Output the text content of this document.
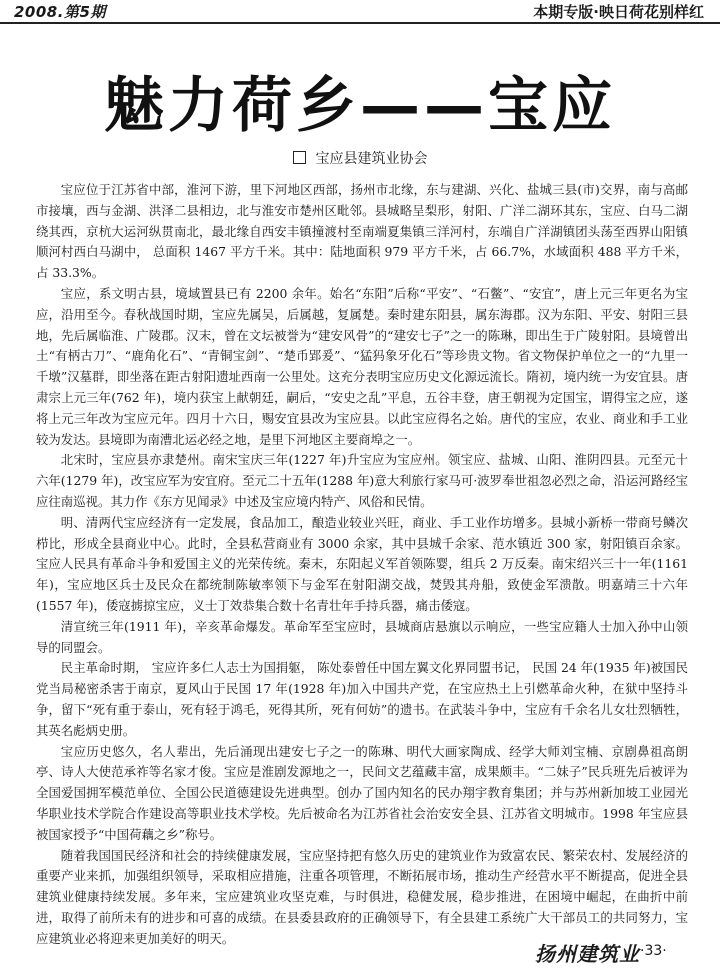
2008.第5期	本期专版·映日荷花别样红
魅力荷乡——宝应
宝应县建筑业协会

宝应位于江苏省中部，淮河下游，里下河地区西部，扬州市北缘，东与建湖、兴化、盐城三县(市)交界，南与高邮市接壤，西与金湖、洪泽二县相边，北与淮安市楚州区毗邻。县城略呈梨形，射阳、广洋二湖环其东，宝应、白马二湖绕其西，京杭大运河纵贯南北，最北缘自西安丰镇撞渡村至南端夏集镇三洋河村，东端自广洋湖镇团头荡至西界山阳镇顺河村西白马湖中， 总面积 1467 平方千米。其中：陆地面积 979 平方千米，占 66.7%，水域面积 488 平方千米，占 33.3%。

宝应，系文明古县，境域置县已有 2200 余年。始名“东阳”后称“平安”、“石鳖”、“安宜”，唐上元三年更名为宝应，沿用至今。春秋战国时期，宝应先属吴，后属越，复属楚。秦时建东阳县，属东海郡。汉为东阳、平安、射阳三县地，先后属临淮、广陵郡。汉末，曾在文坛被誉为“建安风骨”的“建安七子”之一的陈琳，即出生于广陵射阳。县境曾出土“有柄古刀”、“鹿角化石”、“青铜宝剑”、“楚币郢爰”、“猛犸象牙化石”等珍贵文物。省文物保护单位之一的“九里一千墩”汉墓群，即坐落在距古射阳遗址西南一公里处。这充分表明宝应历史文化源远流长。隋初，境内统一为安宜县。唐肃宗上元三年(762 年)，境内获宝上献朝廷，嗣后，“安史之乱”平息，五谷丰登，唐王朝视为定国宝，谓得宝之应，遂将上元三年改为宝应元年。四月十六日，赐安宜县改为宝应县。以此宝应得名之始。唐代的宝应，农业、商业和手工业较为发达。县境即为南漕北运必经之地，是里下河地区主要商埠之一。

北宋时，宝应县亦隶楚州。南宋宝庆三年(1227 年)升宝应为宝应州。领宝应、盐城、山阳、淮阴四县。元至元十六年(1279 年)，改宝应军为安宜府。至元二十五年(1288 年)意大利旅行家马可·波罗奉世祖忽必烈之命，沿运河路经宝应往南巡视。其力作《东方见闻录》中述及宝应境内特产、风俗和民情。

明、清两代宝应经济有一定发展，食品加工，酿造业较业兴旺，商业、手工业作坊增多。县城小新桥一带商号鳞次栉比，形成全县商业中心。此时，全县私营商业有 3000 余家，其中县城千余家、范水镇近 300 家，射阳镇百余家。宝应人民具有革命斗争和爱国主义的光荣传统。秦末，东阳起义军首领陈婴，组兵 2 万反秦。南宋绍兴三十一年(1161 年)，宝应地区兵士及民众在都统制陈敏率领下与金军在射阳湖交战，焚毁其舟船，致使金军溃散。明嘉靖三十六年(1557 年)，倭寇掳掠宝应，义士丁效恭集合数十名青壮年手持兵器，痛击倭寇。

清宣统三年(1911 年)，辛亥革命爆发。革命军至宝应时，县城商店悬旗以示响应，一些宝应籍人士加入孙中山领导的同盟会。

民主革命时期， 宝应许多仁人志士为国捐躯， 陈处泰曾任中国左翼文化界同盟书记， 民国 24 年(1935 年)被国民党当局秘密杀害于南京，夏风山于民国 17 年(1928 年)加入中国共产党，在宝应热土上引燃革命火种，在狱中坚持斗争，留下“死有重于泰山，死有轻于鸿毛，死得其所，死有何妨”的遗书。在武装斗争中，宝应有千余名儿女壮烈牺牲，其英名彪炳史册。

宝应历史悠久，名人辈出，先后涌现出建安七子之一的陈琳、明代大画家陶成、经学大师刘宝楠、京剧鼻祖高朗亭、诗人大使范承祚等名家才俊。宝应是淮剧发源地之一，民间文艺蕴藏丰富，成果颇丰。“二妹子”民兵班先后被评为全国爱国拥军模范单位、全国公民道德建设先进典型。创办了国内知名的民办翔宇教育集团；并与苏州新加坡工业园光华职业技术学院合作建设高等职业技术学校。先后被命名为江苏省社会治安安全县、江苏省文明城市。1998 年宝应县被国家授予“中国荷藕之乡”称号。

随着我国国民经济和社会的持续健康发展，宝应坚持把有悠久历史的建筑业作为致富农民、繁荣农村、发展经济的重要产业来抓，加强组织领导，采取相应措施，注重各项管理，不断拓展市场，推动生产经营水平不断提高，促进全县建筑业健康持续发展。多年来，宝应建筑业攻坚克难，与时俱进，稳健发展，稳步推进，在困境中崛起，在曲折中前进，取得了前所未有的进步和可喜的成绩。在县委县政府的正确领导下，有全县建工系统广大干部员工的共同努力，宝应建筑业必将迎来更加美好的明天。

扬州建筑业 ·33·
